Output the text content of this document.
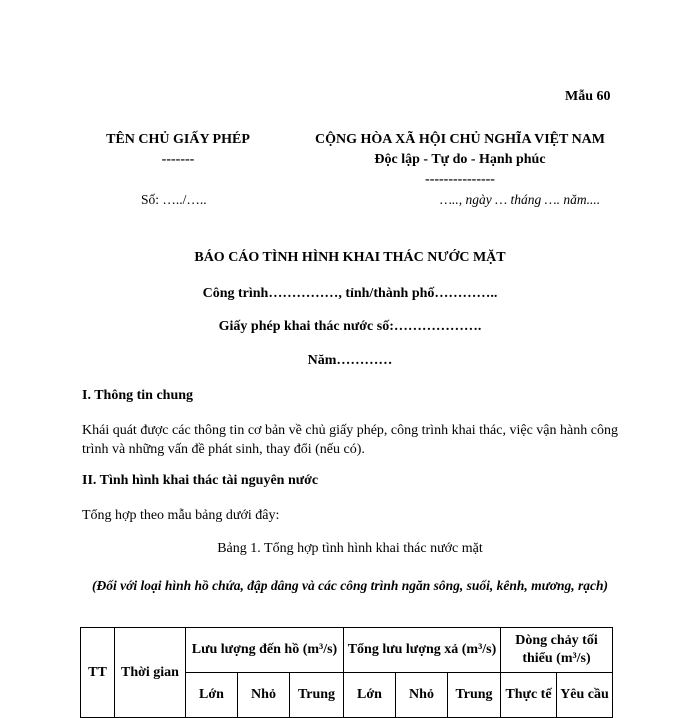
Mẫu 60
TÊN CHỦ GIẤY PHÉP
-------
CỘNG HÒA XÃ HỘI CHỦ NGHĨA VIỆT NAM
Độc lập - Tự do - Hạnh phúc
---------------
Số: …../…..	….., ngày … tháng …. năm....
BÁO CÁO TÌNH HÌNH KHAI THÁC NƯỚC MẶT
Công trình……………, tỉnh/thành phố…………..
Giấy phép khai thác nước số:……………….
Năm…………
I. Thông tin chung
Khái quát được các thông tin cơ bản về chủ giấy phép, công trình khai thác, việc vận hành công trình và những vấn đề phát sinh, thay đổi (nếu có).
II. Tình hình khai thác tài nguyên nước
Tổng hợp theo mẫu bảng dưới đây:
Bảng 1. Tổng hợp tình hình khai thác nước mặt
(Đối với loại hình hồ chứa, đập dâng và các công trình ngăn sông, suối, kênh, mương, rạch)
TT	Thời gian	Lưu lượng đến hồ (m³/s)			Tổng lưu lượng xả (m³/s)			Dòng chảy tối thiểu (m³/s)	
		Lớn	Nhỏ	Trung	Lớn	Nhỏ	Trung	Thực tế	Yêu cầu
